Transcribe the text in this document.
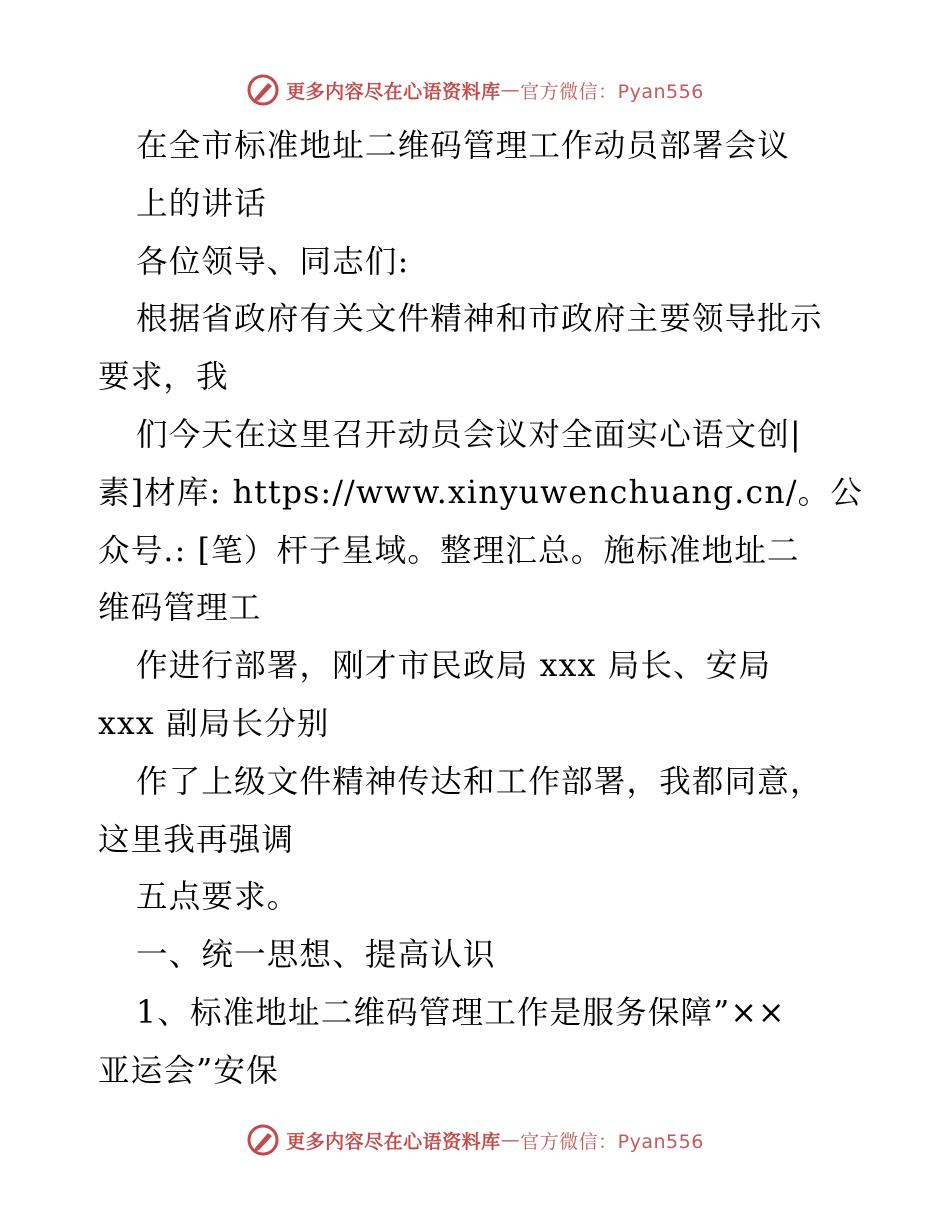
更多内容尽在心语资料库 — 官方微信：Pyan556
在全市标准地址二维码管理工作动员部署会议
上的讲话
各位领导、同志们:
根据省政府有关文件精神和市政府主要领导批示
要求，我
们今天在这里召开动员会议对全面实心语文创|
素]材库: https://www.xinyuwenchuang.cn/。公
众号.: [笔）杆子星域。整理汇总。施标准地址二
维码管理工
作进行部署，刚才市民政局 xxx 局长、安局
xxx 副局长分别
作了上级文件精神传达和工作部署，我都同意，
这里我再强调
五点要求。
一、统一思想、提高认识
1、标准地址二维码管理工作是服务保障”××
亚运会”安保
更多内容尽在心语资料库 — 官方微信：Pyan556
